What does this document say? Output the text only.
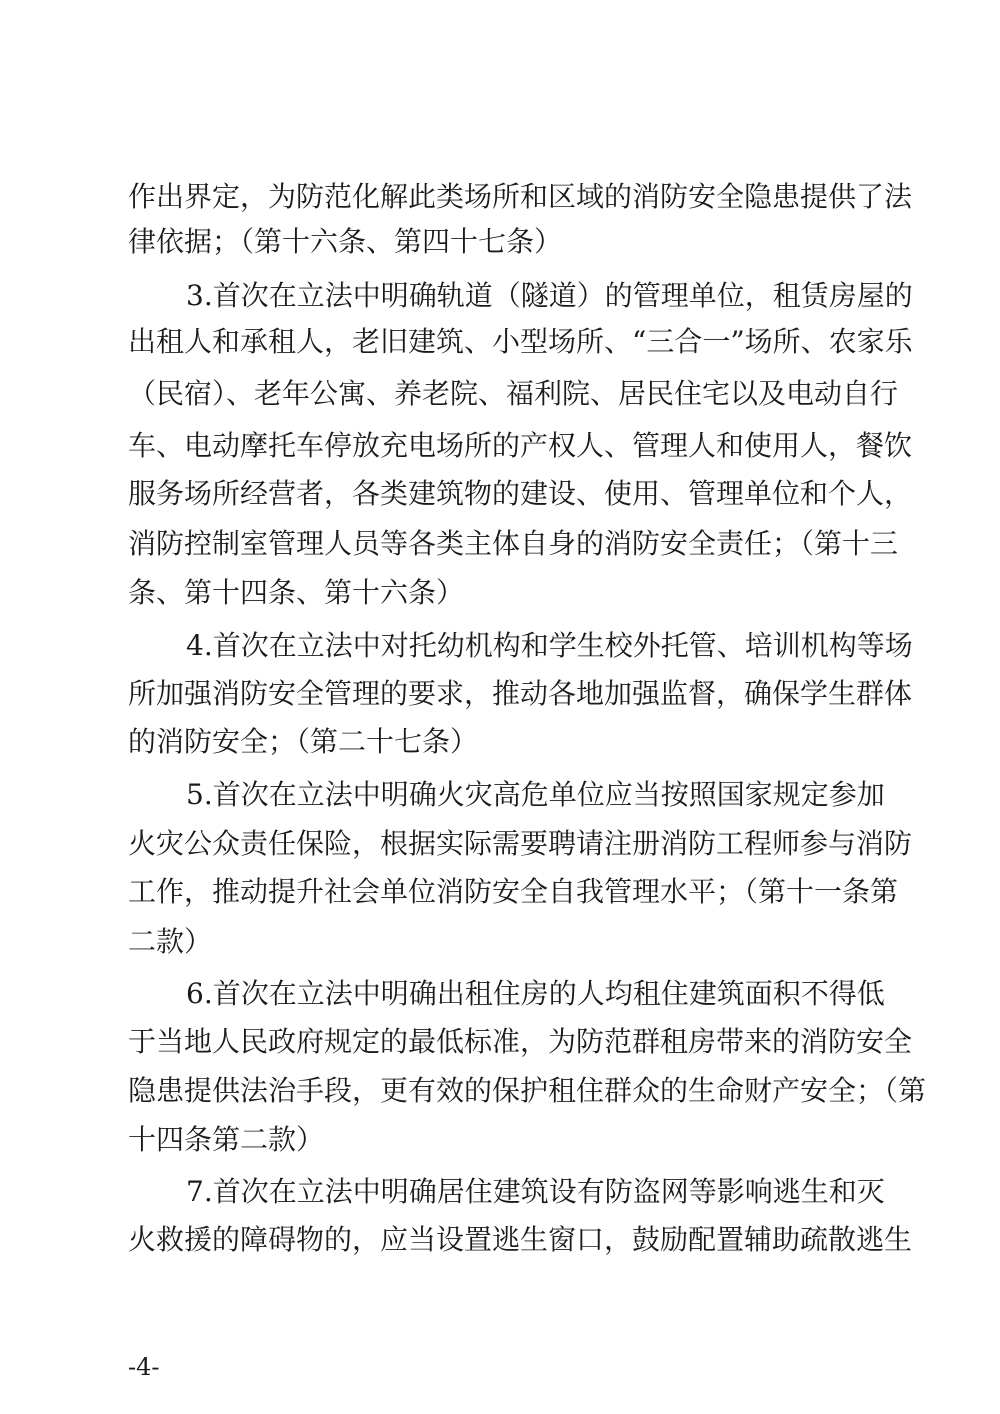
作出界定，为防范化解此类场所和区域的消防安全隐患提供了法
律依据；（第十六条、第四十七条）
3.首次在立法中明确轨道（隧道）的管理单位，租赁房屋的
出租人和承租人，老旧建筑、小型场所、“三合一”场所、农家乐
（民宿）、老年公寓、养老院、福利院、居民住宅以及电动自行
车、电动摩托车停放充电场所的产权人、管理人和使用人，餐饮
服务场所经营者，各类建筑物的建设、使用、管理单位和个人，
消防控制室管理人员等各类主体自身的消防安全责任；（第十三
条、第十四条、第十六条）
4.首次在立法中对托幼机构和学生校外托管、培训机构等场
所加强消防安全管理的要求，推动各地加强监督，确保学生群体
的消防安全；（第二十七条）
5.首次在立法中明确火灾高危单位应当按照国家规定参加
火灾公众责任保险，根据实际需要聘请注册消防工程师参与消防
工作，推动提升社会单位消防安全自我管理水平；（第十一条第
二款）
6.首次在立法中明确出租住房的人均租住建筑面积不得低
于当地人民政府规定的最低标准，为防范群租房带来的消防安全
隐患提供法治手段，更有效的保护租住群众的生命财产安全；（第
十四条第二款）
7.首次在立法中明确居住建筑设有防盗网等影响逃生和灭
火救援的障碍物的，应当设置逃生窗口，鼓励配置辅助疏散逃生
-4-
